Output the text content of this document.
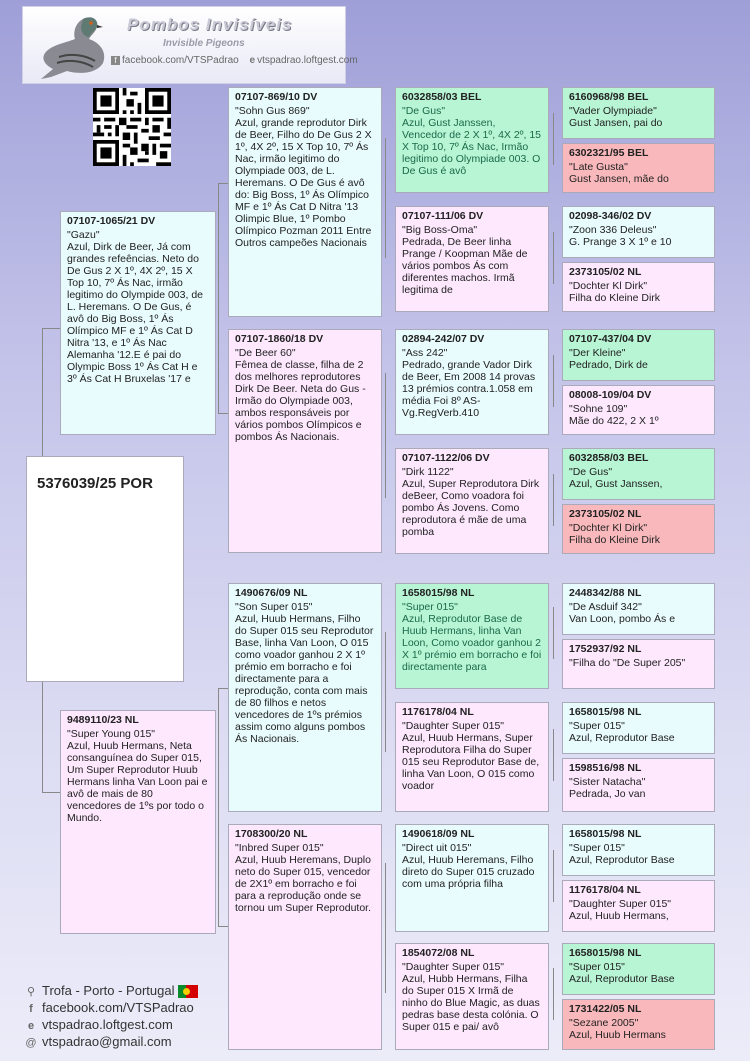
Pombos Invisíveis
Invisible Pigeons
f facebook.com/VTSPadrao e vtspadrao.loftgest.com
5376039/25 POR
07107-1065/21 DV
"Gazu"
Azul, Dirk de Beer, Já com grandes refeências. Neto do De Gus 2 X 1º, 4X 2º, 15 X Top 10, 7º Ás Nac, irmão legitimo do Olympide 003, de L. Heremans. O De Gus, é avô do Big Boss, 1º Ás Olímpico MF e 1º Ás Cat D Nitra '13, e 1º Ás Nac Alemanha '12.E é pai do Olympic Boss 1º Ás Cat H e 3º Ás Cat H Bruxelas '17 e
9489110/23 NL
"Super Young 015"
Azul, Huub Hermans, Neta consanguínea do Super 015, Um Super Reprodutor Huub Hermans linha Van Loon pai e avô de mais de 80 vencedores de 1ºs por todo o Mundo.
07107-869/10 DV
"Sohn Gus 869"
Azul, grande reprodutor Dirk de Beer, Filho do De Gus 2 X 1º, 4X 2º, 15 X Top 10, 7º Ás Nac, irmão legitimo do Olympiade 003, de L. Heremans. O De Gus é avô do: Big Boss, 1º Ás Olímpico MF e 1º Ás Cat D Nitra '13 Olimpic Blue, 1º Pombo Olímpico Pozman 2011 Entre Outros campeões Nacionais
07107-1860/18 DV
"De Beer 60"
Fêmea de classe, filha de 2 dos melhores reprodutores Dirk De Beer. Neta do Gus - Irmão do Olympiade 003, ambos responsáveis por vários pombos Olímpicos e pombos Ás Nacionais.
1490676/09 NL
"Son Super 015"
Azul, Huub Hermans, Filho do Super 015 seu Reprodutor Base, linha Van Loon, O 015 como voador ganhou 2 X 1º prémio em borracho e foi directamente para a reprodução, conta com mais de 80 filhos e netos vencedores de 1ºs prémios assim como alguns pombos Ás Nacionais.
1708300/20 NL
"Inbred Super 015"
Azul, Huub Heremans, Duplo neto do Super 015, vencedor de 2X1º em borracho e foi para a reprodução onde se tornou um Super Reprodutor.
6032858/03 BEL
"De Gus"
Azul, Gust Janssen, Vencedor de 2 X 1º, 4X 2º, 15 X Top 10, 7º Ás Nac, Irmão legitimo do Olympiade 003. O De Gus é avô
07107-111/06 DV
"Big Boss-Oma"
Pedrada, De Beer linha Prange / Koopman Mãe de vários pombos Ás com diferentes machos. Irmã legitima de
02894-242/07 DV
"Ass 242"
Pedrado, grande Vador Dirk de Beer, Em 2008 14 provas 13 prémios contra.1.058 em média Foi 8º AS-Vg.RegVerb.410
07107-1122/06 DV
"Dirk 1122"
Azul, Super Reprodutora Dirk deBeer, Como voadora foi pombo Ás Jovens. Como reprodutora é mãe de uma pomba
1658015/98 NL
"Super 015"
Azul, Reprodutor Base de Huub Hermans, linha Van Loon, Como voador ganhou 2 X 1º prémio em borracho e foi directamente para
1176178/04 NL
"Daughter Super 015"
Azul, Huub Hermans, Super Reprodutora Filha do Super 015 seu Reprodutor Base de, linha Van Loon, O 015 como voador
1490618/09 NL
"Direct uit 015"
Azul, Huub Heremans, Filho direto do Super 015 cruzado com uma própria filha
1854072/08 NL
"Daughter Super 015"
Azul, Hubb Hermans, Filha do Super 015 X Irmã de ninho do Blue Magic, as duas pedras base desta colónia. O Super 015 e pai/ avô
6160968/98 BEL
"Vader Olympiade"
Gust Jansen, pai do
6302321/95 BEL
"Late Gusta"
Gust Jansen, mãe do
02098-346/02 DV
"Zoon 336 Deleus"
G. Prange 3 X 1º e 10
2373105/02 NL
"Dochter Kl Dirk"
Filha do Kleine Dirk
07107-437/04 DV
"Der Kleine"
Pedrado, Dirk de
08008-109/04 DV
"Sohne 109"
Mãe do 422, 2 X 1º
6032858/03 BEL
"De Gus"
Azul, Gust Janssen,
2373105/02 NL
"Dochter Kl Dirk"
Filha do Kleine Dirk
2448342/88 NL
"De Asduif 342"
Van Loon, pombo Ás e
1752937/92 NL
"Filha do "De Super 205"
1658015/98 NL
"Super 015"
Azul, Reprodutor Base
1598516/98 NL
"Sister Natacha"
Pedrada, Jo van
1658015/98 NL
"Super 015"
Azul, Reprodutor Base
1176178/04 NL
"Daughter Super 015"
Azul, Huub Hermans,
1658015/98 NL
"Super 015"
Azul, Reprodutor Base
1731422/05 NL
"Sezane 2005"
Azul, Huub Hermans
⚲ Trofa - Porto - Portugal
f facebook.com/VTSPadrao
e vtspadrao.loftgest.com
@ vtspadrao@gmail.com
